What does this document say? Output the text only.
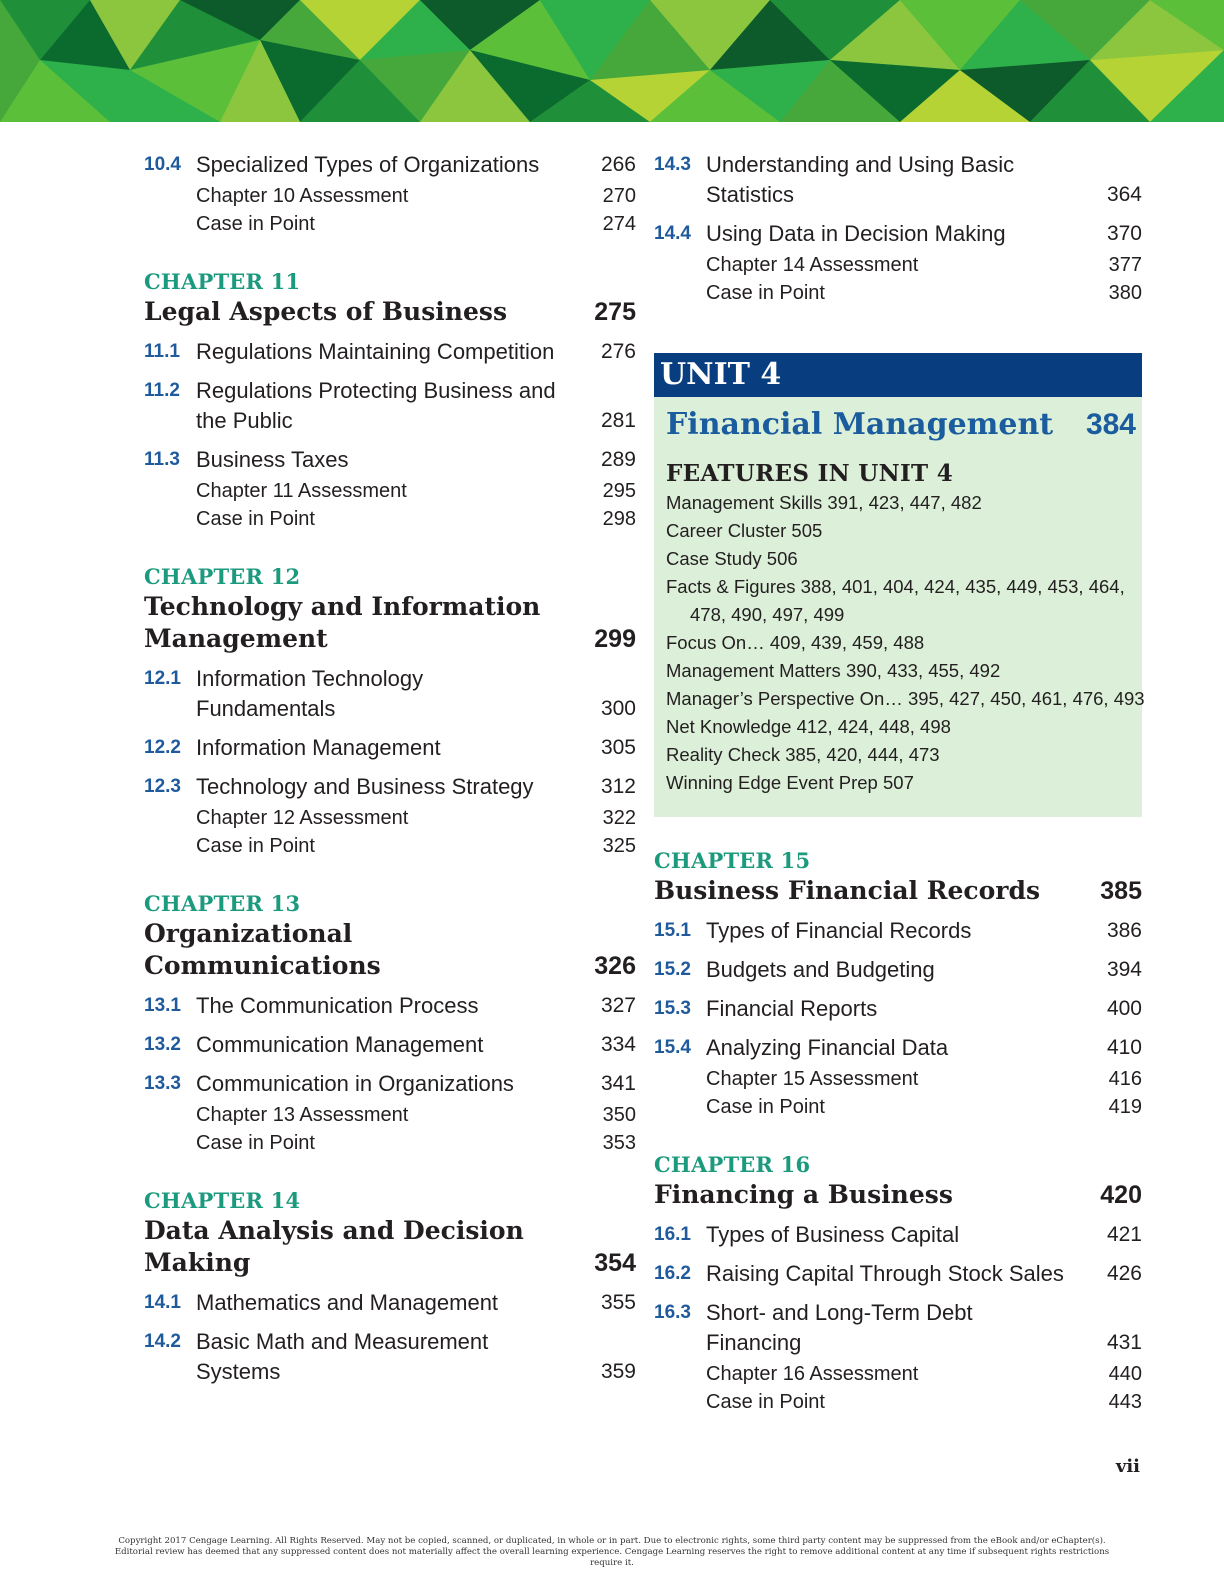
10.4 Specialized Types of Organizations	266
Chapter 10 Assessment	270
Case in Point	274
CHAPTER 11
Legal Aspects of Business	275
11.1 Regulations Maintaining Competition	276
11.2 Regulations Protecting Business and the Public	281
11.3 Business Taxes	289
Chapter 11 Assessment	295
Case in Point	298
CHAPTER 12
Technology and Information Management	299
12.1 Information Technology Fundamentals	300
12.2 Information Management	305
12.3 Technology and Business Strategy	312
Chapter 12 Assessment	322
Case in Point	325
CHAPTER 13
Organizational Communications	326
13.1 The Communication Process	327
13.2 Communication Management	334
13.3 Communication in Organizations	341
Chapter 13 Assessment	350
Case in Point	353
CHAPTER 14
Data Analysis and Decision Making	354
14.1 Mathematics and Management	355
14.2 Basic Math and Measurement Systems	359
14.3 Understanding and Using Basic Statistics	364
14.4 Using Data in Decision Making	370
Chapter 14 Assessment	377
Case in Point	380
UNIT 4
Financial Management	384
FEATURES IN UNIT 4
Management Skills 391, 423, 447, 482
Career Cluster 505
Case Study 506
Facts & Figures 388, 401, 404, 424, 435, 449, 453, 464,
478, 490, 497, 499
Focus On… 409, 439, 459, 488
Management Matters 390, 433, 455, 492
Manager’s Perspective On… 395, 427, 450, 461, 476, 493
Net Knowledge 412, 424, 448, 498
Reality Check 385, 420, 444, 473
Winning Edge Event Prep 507
CHAPTER 15
Business Financial Records	385
15.1 Types of Financial Records	386
15.2 Budgets and Budgeting	394
15.3 Financial Reports	400
15.4 Analyzing Financial Data	410
Chapter 15 Assessment	416
Case in Point	419
CHAPTER 16
Financing a Business	420
16.1 Types of Business Capital	421
16.2 Raising Capital Through Stock Sales	426
16.3 Short- and Long-Term Debt Financing	431
Chapter 16 Assessment	440
Case in Point	443
vii
Copyright 2017 Cengage Learning. All Rights Reserved. May not be copied, scanned, or duplicated, in whole or in part. Due to electronic rights, some third party content may be suppressed from the eBook and/or eChapter(s).
Editorial review has deemed that any suppressed content does not materially affect the overall learning experience. Cengage Learning reserves the right to remove additional content at any time if subsequent rights restrictions require it.
